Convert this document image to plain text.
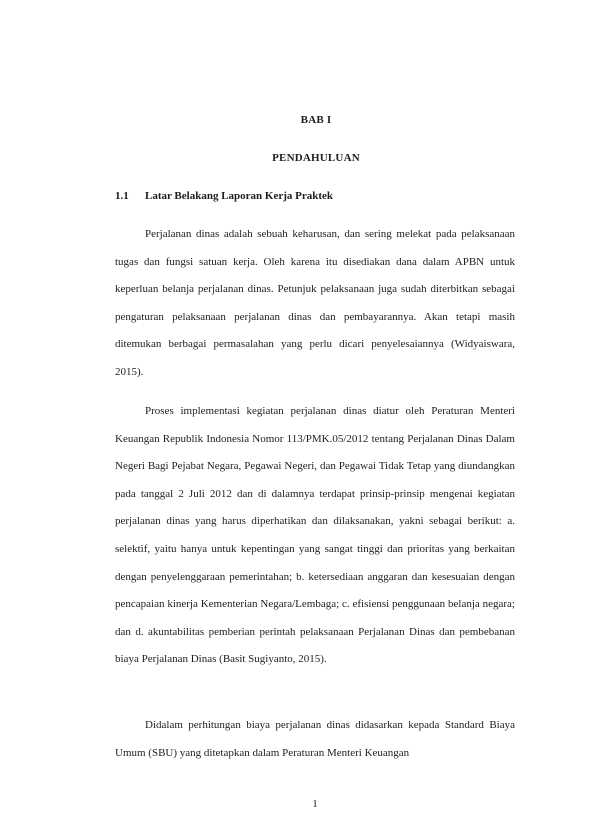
BAB I
PENDAHULUAN
1.1 Latar Belakang Laporan Kerja Praktek

Perjalanan dinas adalah sebuah keharusan, dan sering melekat pada pelaksanaan tugas dan fungsi satuan kerja. Oleh karena itu disediakan dana dalam APBN untuk keperluan belanja perjalanan dinas. Petunjuk pelaksanaan juga sudah diterbitkan sebagai pengaturan pelaksanaan perjalanan dinas dan pembayarannya. Akan tetapi masih ditemukan berbagai permasalahan yang perlu dicari penyelesaiannya (Widyaiswara, 2015).

Proses implementasi kegiatan perjalanan dinas diatur oleh Peraturan Menteri Keuangan Republik Indonesia Nomor 113/PMK.05/2012 tentang Perjalanan Dinas Dalam Negeri Bagi Pejabat Negara, Pegawai Negeri, dan Pegawai Tidak Tetap yang diundangkan pada tanggal 2 Juli 2012 dan di dalamnya terdapat prinsip-prinsip mengenai kegiatan perjalanan dinas yang harus diperhatikan dan dilaksanakan, yakni sebagai berikut: a. selektif, yaitu hanya untuk kepentingan yang sangat tinggi dan prioritas yang berkaitan dengan penyelenggaraan pemerintahan; b. ketersediaan anggaran dan kesesuaian dengan pencapaian kinerja Kementerian Negara/Lembaga; c. efisiensi penggunaan belanja negara; dan d. akuntabilitas pemberian perintah pelaksanaan Perjalanan Dinas dan pembebanan biaya Perjalanan Dinas (Basit Sugiyanto, 2015).

Didalam perhitungan biaya perjalanan dinas didasarkan kepada Standard Biaya Umum (SBU) yang ditetapkan dalam Peraturan Menteri Keuangan

1
